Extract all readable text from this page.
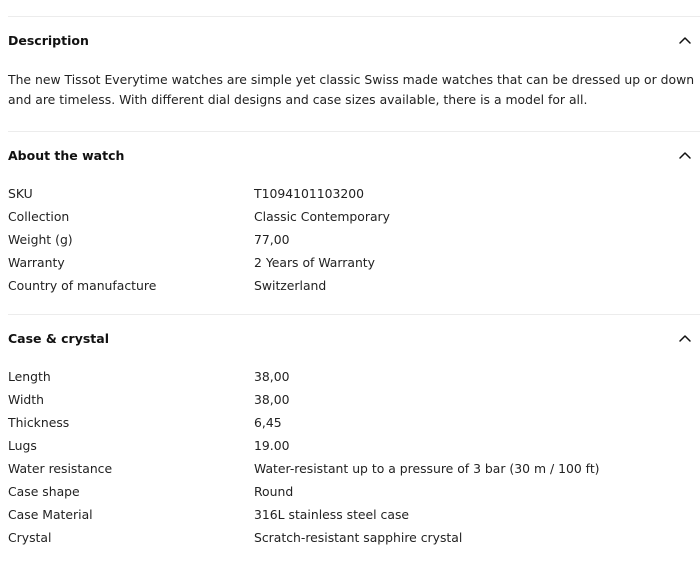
Description
The new Tissot Everytime watches are simple yet classic Swiss made watches that can be dressed up or down and are timeless. With different dial designs and case sizes available, there is a model for all.
About the watch
SKU	T1094101103200
Collection	Classic Contemporary
Weight (g)	77,00
Warranty	2 Years of Warranty
Country of manufacture	Switzerland
Case & crystal
Length	38,00
Width	38,00
Thickness	6,45
Lugs	19.00
Water resistance	Water-resistant up to a pressure of 3 bar (30 m / 100 ft)
Case shape	Round
Case Material	316L stainless steel case
Crystal	Scratch-resistant sapphire crystal
